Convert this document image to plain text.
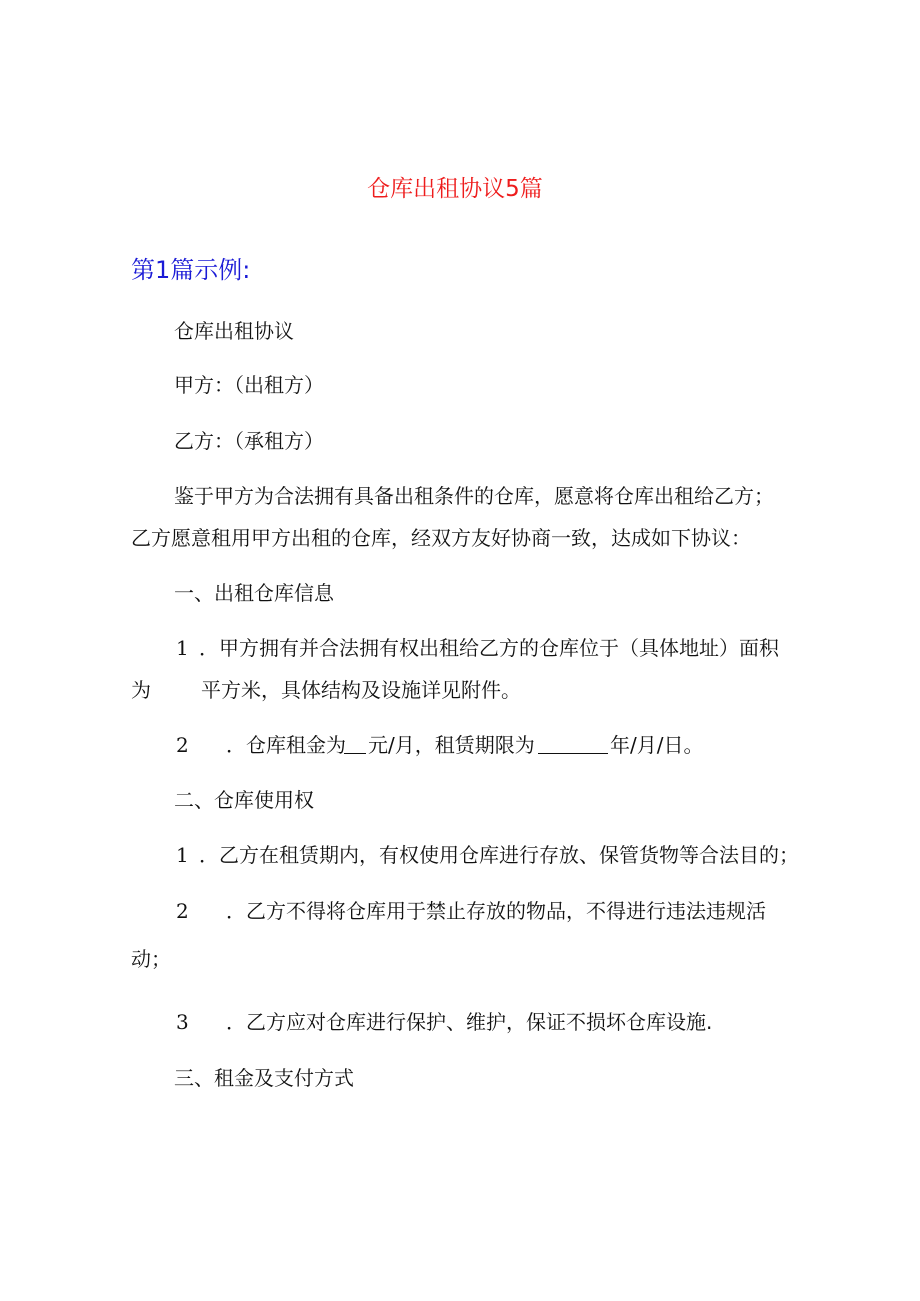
仓库出租协议5篇
第1篇示例:

仓库出租协议

甲方：（出租方）

乙方：（承租方）

鉴于甲方为合法拥有具备出租条件的仓库，愿意将仓库出租给乙方；

乙方愿意租用甲方出租的仓库，经双方友好协商一致，达成如下协议：

一、出租仓库信息

1 ．甲方拥有并合法拥有权出租给乙方的仓库位于（具体地址）面积
为	平方米，具体结构及设施详见附件。
2 ．仓库租金为 元/月，租赁期限为	年/月/日。

二、仓库使用权

1 ．乙方在租赁期内，有权使用仓库进行存放、保管货物等合法目的；
2 ．乙方不得将仓库用于禁止存放的物品，不得进行违法违规活
动；
3 ．乙方应对仓库进行保护、维护，保证不损坏仓库设施.

三、租金及支付方式
